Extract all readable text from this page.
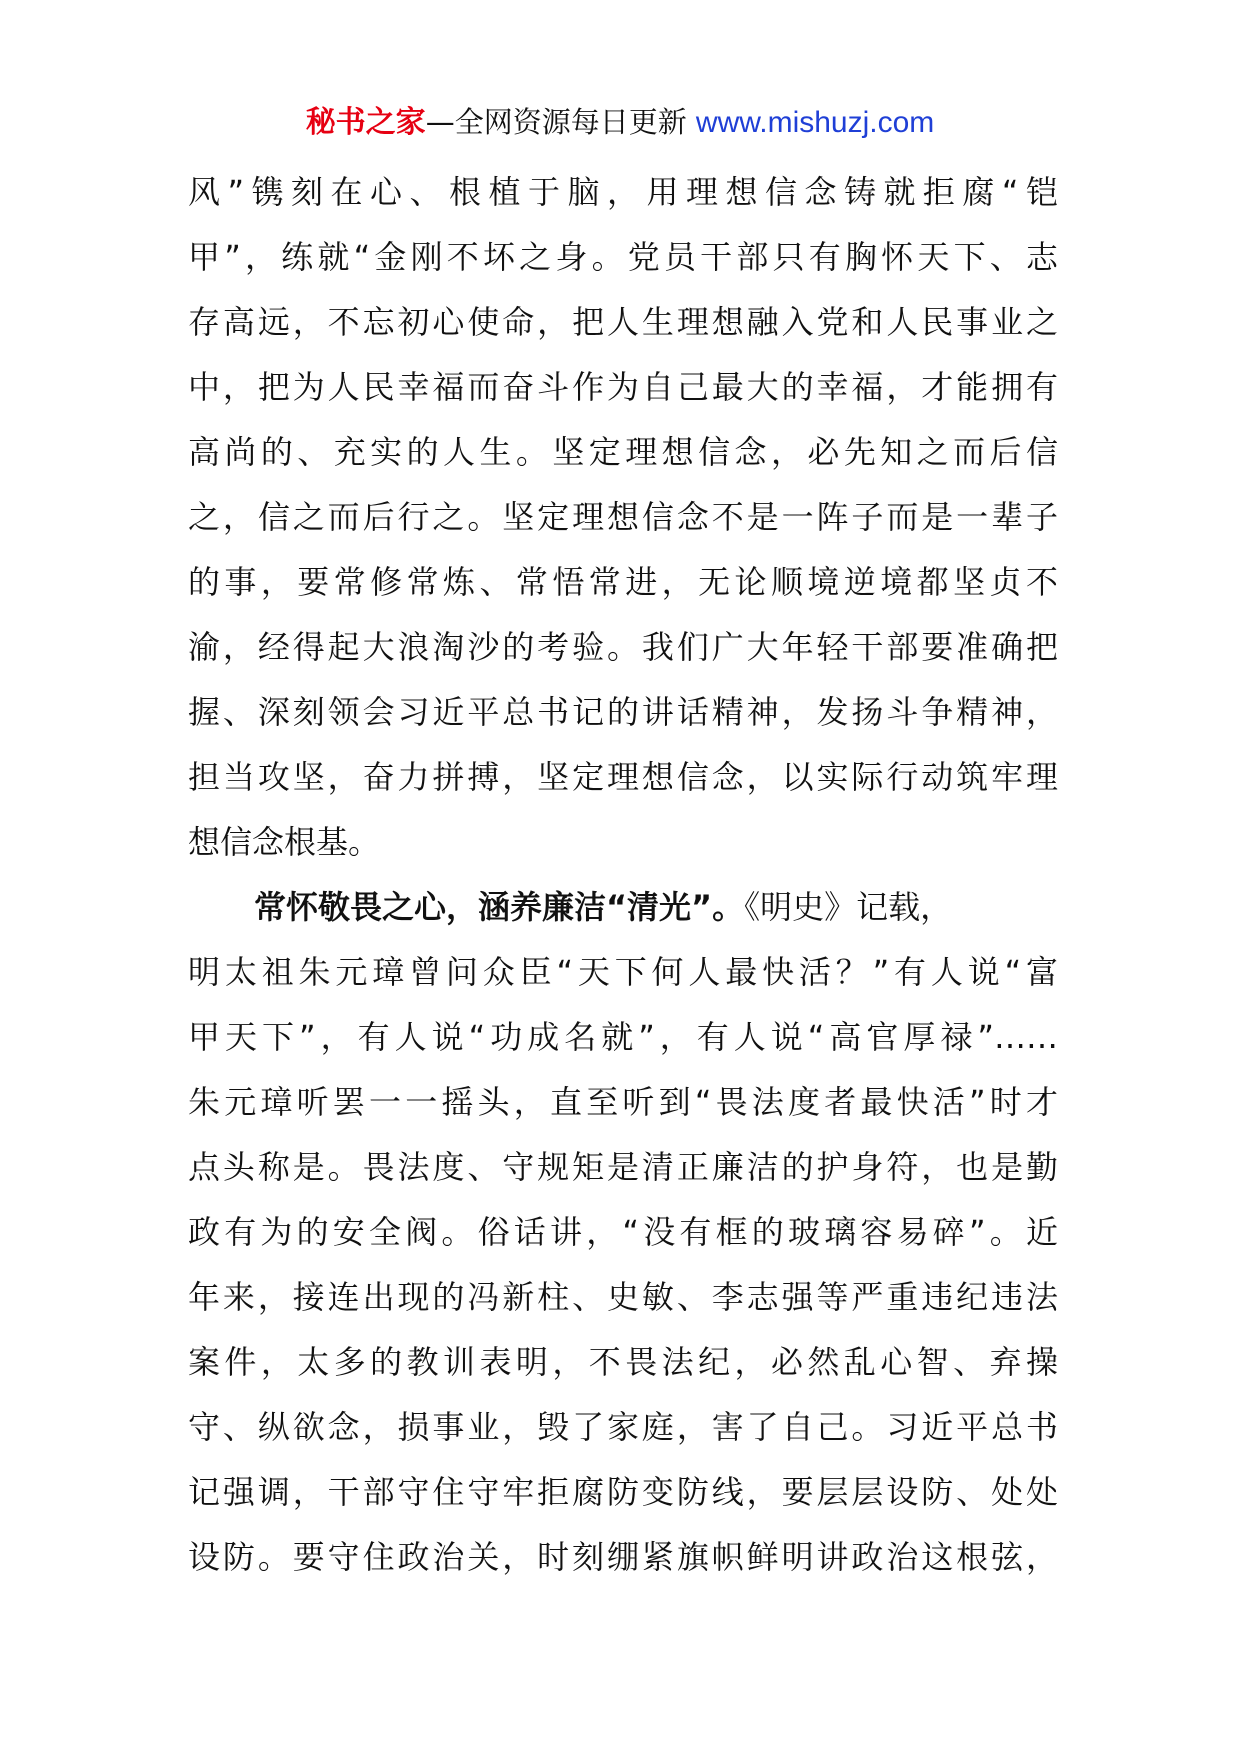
秘书之家—全网资源每日更新 www.mishuzj.com
风”镌刻在心、根植于脑，用理想信念铸就拒腐“铠
甲”，练就“金刚不坏之身。党员干部只有胸怀天下、志
存高远，不忘初心使命，把人生理想融入党和人民事业之
中，把为人民幸福而奋斗作为自己最大的幸福，才能拥有
高尚的、充实的人生。坚定理想信念，必先知之而后信
之，信之而后行之。坚定理想信念不是一阵子而是一辈子
的事，要常修常炼、常悟常进，无论顺境逆境都坚贞不
渝，经得起大浪淘沙的考验。我们广大年轻干部要准确把
握、深刻领会习近平总书记的讲话精神，发扬斗争精神，
担当攻坚，奋力拼搏，坚定理想信念，以实际行动筑牢理
想信念根基。
常怀敬畏之心，涵养廉洁“清光”。《明史》记载，
明太祖朱元璋曾问众臣“天下何人最快活？”有人说“富
甲天下”，有人说“功成名就”，有人说“高官厚禄”……
朱元璋听罢一一摇头，直至听到“畏法度者最快活”时才
点头称是。畏法度、守规矩是清正廉洁的护身符，也是勤
政有为的安全阀。俗话讲，“没有框的玻璃容易碎”。近
年来，接连出现的冯新柱、史敏、李志强等严重违纪违法
案件，太多的教训表明，不畏法纪，必然乱心智、弃操
守、纵欲念，损事业，毁了家庭，害了自己。习近平总书
记强调，干部守住守牢拒腐防变防线，要层层设防、处处
设防。要守住政治关，时刻绷紧旗帜鲜明讲政治这根弦，
